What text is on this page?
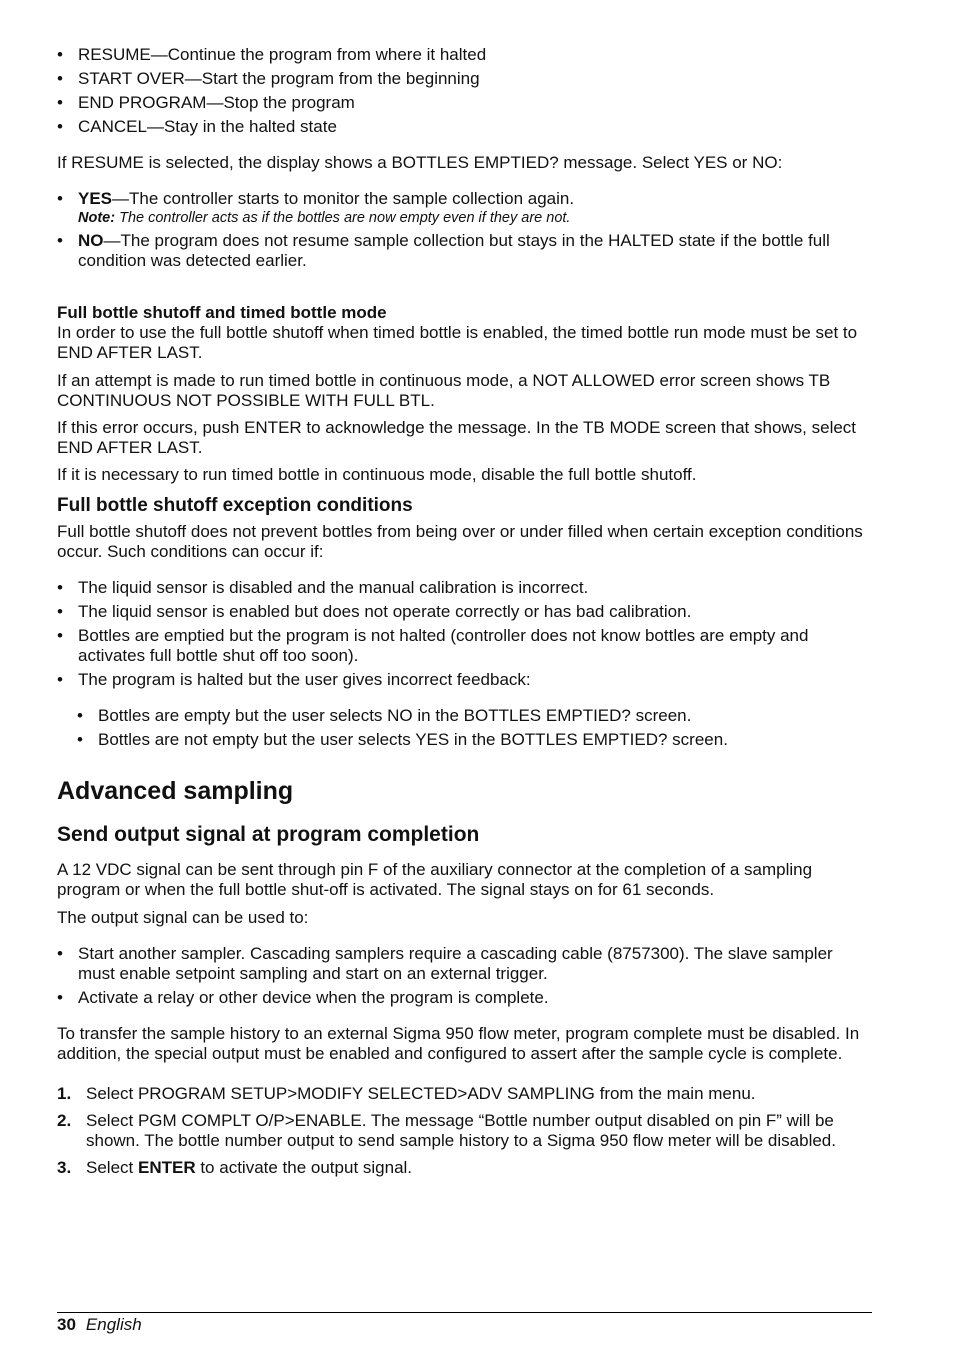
• RESUME—Continue the program from where it halted
• START OVER—Start the program from the beginning
• END PROGRAM—Stop the program
• CANCEL—Stay in the halted state

If RESUME is selected, the display shows a BOTTLES EMPTIED? message. Select YES or NO:

• YES—The controller starts to monitor the sample collection again.
Note: The controller acts as if the bottles are now empty even if they are not.
• NO—The program does not resume sample collection but stays in the HALTED state if the bottle full condition was detected earlier.
Full bottle shutoff and timed bottle mode

In order to use the full bottle shutoff when timed bottle is enabled, the timed bottle run mode must be set to END AFTER LAST.

If an attempt is made to run timed bottle in continuous mode, a NOT ALLOWED error screen shows TB CONTINUOUS NOT POSSIBLE WITH FULL BTL.

If this error occurs, push ENTER to acknowledge the message. In the TB MODE screen that shows, select END AFTER LAST.

If it is necessary to run timed bottle in continuous mode, disable the full bottle shutoff.

Full bottle shutoff exception conditions

Full bottle shutoff does not prevent bottles from being over or under filled when certain exception conditions occur. Such conditions can occur if:

• The liquid sensor is disabled and the manual calibration is incorrect.
• The liquid sensor is enabled but does not operate correctly or has bad calibration.
• Bottles are emptied but the program is not halted (controller does not know bottles are empty and activates full bottle shut off too soon).
• The program is halted but the user gives incorrect feedback:
• Bottles are empty but the user selects NO in the BOTTLES EMPTIED? screen.
• Bottles are not empty but the user selects YES in the BOTTLES EMPTIED? screen.
Advanced sampling
Send output signal at program completion

A 12 VDC signal can be sent through pin F of the auxiliary connector at the completion of a sampling program or when the full bottle shut-off is activated. The signal stays on for 61 seconds.

The output signal can be used to:

• Start another sampler. Cascading samplers require a cascading cable (8757300). The slave sampler must enable setpoint sampling and start on an external trigger.
• Activate a relay or other device when the program is complete.

To transfer the sample history to an external Sigma 950 flow meter, program complete must be disabled. In addition, the special output must be enabled and configured to assert after the sample cycle is complete.

1. Select PROGRAM SETUP>MODIFY SELECTED>ADV SAMPLING from the main menu.
2. Select PGM COMPLT O/P>ENABLE. The message “Bottle number output disabled on pin F” will be shown. The bottle number output to send sample history to a Sigma 950 flow meter will be disabled.
3. Select ENTER to activate the output signal.
30 English
